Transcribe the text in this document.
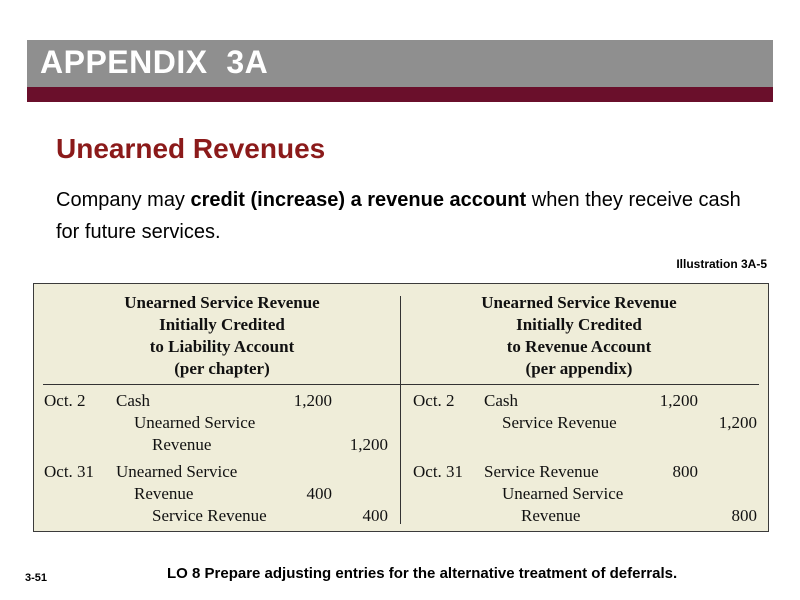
APPENDIX 3A
Unearned Revenues
Company may credit (increase) a revenue account when they receive cash for future services.
Illustration 3A-5
Unearned Service Revenue
Initially Credited
to Liability Account
(per chapter)
Unearned Service Revenue
Initially Credited
to Revenue Account
(per appendix)
Oct. 2 Cash	1,200
Unearned Service
Revenue	1,200
Oct. 31 Unearned Service
Revenue	400
Service Revenue	400
Oct. 2 Cash	1,200
Service Revenue	1,200
Oct. 31 Service Revenue	800
Unearned Service
Revenue	800
3-51	LO 8 Prepare adjusting entries for the alternative treatment of deferrals.
